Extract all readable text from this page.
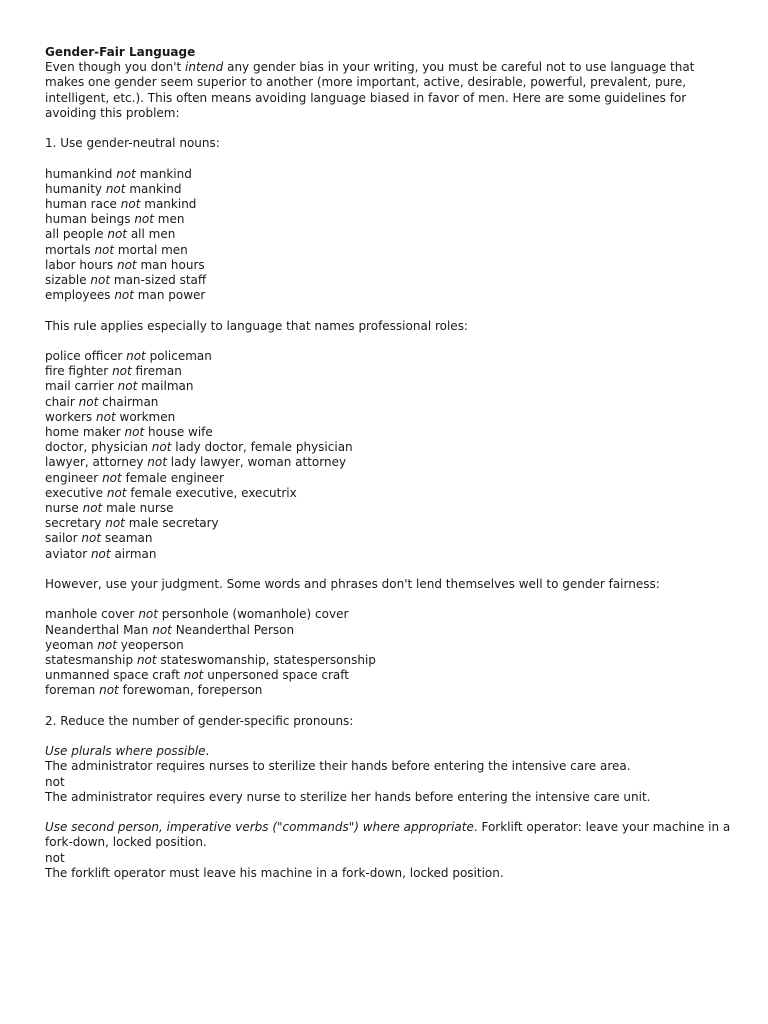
Gender-Fair Language

Even though you don't intend any gender bias in your writing, you must be careful not to use language that makes one gender seem superior to another (more important, active, desirable, powerful, prevalent, pure, intelligent, etc.). This often means avoiding language biased in favor of men. Here are some guidelines for avoiding this problem:

1. Use gender-neutral nouns:

humankind not mankind
humanity not mankind
human race not mankind
human beings not men
all people not all men
mortals not mortal men
labor hours not man hours
sizable not man-sized staff
employees not man power

This rule applies especially to language that names professional roles:

police officer not policeman
fire fighter not fireman
mail carrier not mailman
chair not chairman
workers not workmen
home maker not house wife
doctor, physician not lady doctor, female physician
lawyer, attorney not lady lawyer, woman attorney
engineer not female engineer
executive not female executive, executrix
nurse not male nurse
secretary not male secretary
sailor not seaman
aviator not airman

However, use your judgment. Some words and phrases don't lend themselves well to gender fairness:

manhole cover not personhole (womanhole) cover
Neanderthal Man not Neanderthal Person
yeoman not yeoperson
statesmanship not stateswomanship, statespersonship
unmanned space craft not unpersoned space craft
foreman not forewoman, foreperson

2. Reduce the number of gender-specific pronouns:

Use plurals where possible.

The administrator requires nurses to sterilize their hands before entering the intensive care area.

not

The administrator requires every nurse to sterilize her hands before entering the intensive care unit.

Use second person, imperative verbs ("commands") where appropriate. Forklift operator: leave your machine in a fork-down, locked position.

not

The forklift operator must leave his machine in a fork-down, locked position.
